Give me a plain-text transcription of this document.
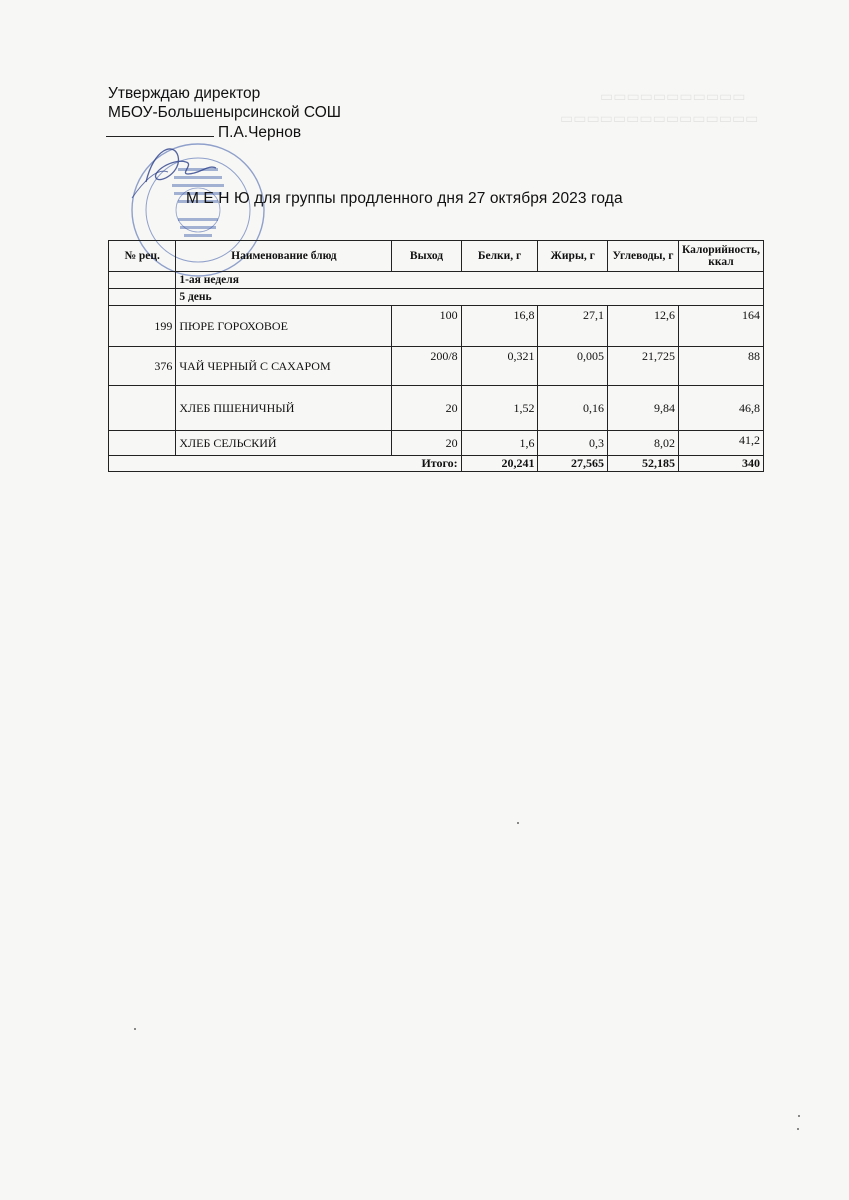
▭▭▭▭▭▭▭▭▭▭▭
▭▭▭▭▭▭▭▭▭▭▭▭▭▭▭
Утверждаю директор
МБОУ-Большенырсинской СОШ
П.А.Чернов
М Е Н Ю для группы продленного дня 27 октября 2023 года
№ рец.	Наименование блюд	Выход	Белки, г	Жиры, г	Углеводы, г	Калорийность, ккал
	1-ая неделя					
	5 день					
199	ПЮРЕ ГОРОХОВОЕ	100	16,8	27,1	12,6	164
376	ЧАЙ ЧЕРНЫЙ С САХАРОМ	200/8	0,321	0,005	21,725	88
	ХЛЕБ ПШЕНИЧНЫЙ	20	1,52	0,16	9,84	46,8
	ХЛЕБ СЕЛЬСКИЙ	20	1,6	0,3	8,02	41,2
Итого:			20,241	27,565	52,185	340
